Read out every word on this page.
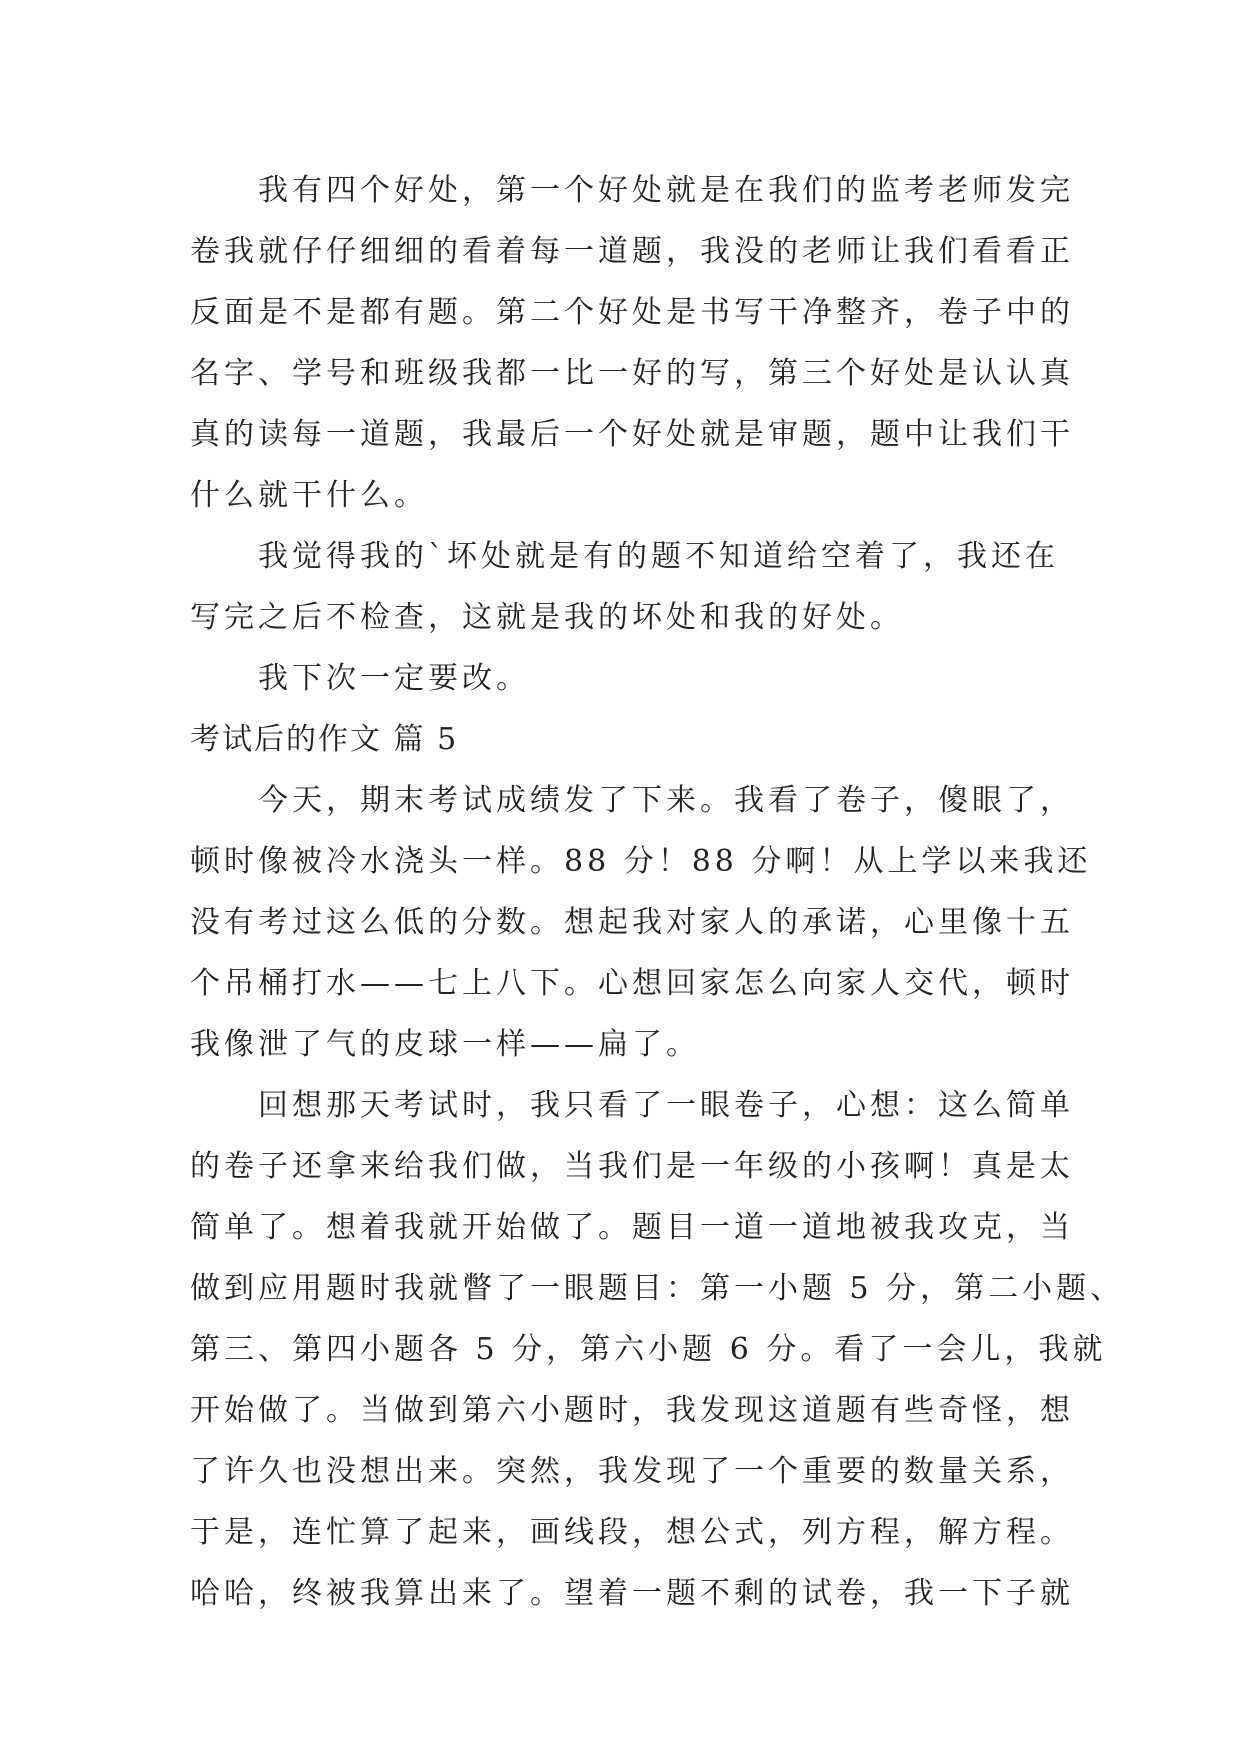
我有四个好处，第一个好处就是在我们的监考老师发完
卷我就仔仔细细的看着每一道题，我没的老师让我们看看正
反面是不是都有题。第二个好处是书写干净整齐，卷子中的
名字、学号和班级我都一比一好的写，第三个好处是认认真
真的读每一道题，我最后一个好处就是审题，题中让我们干
什么就干什么。
我觉得我的`坏处就是有的题不知道给空着了，我还在
写完之后不检查，这就是我的坏处和我的好处。
我下次一定要改。
考试后的作文 篇 5
今天，期末考试成绩发了下来。我看了卷子，傻眼了，
顿时像被冷水浇头一样。88 分！88 分啊！从上学以来我还
没有考过这么低的分数。想起我对家人的承诺，心里像十五
个吊桶打水——七上八下。心想回家怎么向家人交代，顿时
我像泄了气的皮球一样——扁了。
回想那天考试时，我只看了一眼卷子，心想：这么简单
的卷子还拿来给我们做，当我们是一年级的小孩啊！真是太
简单了。想着我就开始做了。题目一道一道地被我攻克，当
做到应用题时我就瞥了一眼题目：第一小题 5 分，第二小题、
第三、第四小题各 5 分，第六小题 6 分。看了一会儿，我就
开始做了。当做到第六小题时，我发现这道题有些奇怪，想
了许久也没想出来。突然，我发现了一个重要的数量关系，
于是，连忙算了起来，画线段，想公式，列方程，解方程。
哈哈，终被我算出来了。望着一题不剩的试卷，我一下子就
